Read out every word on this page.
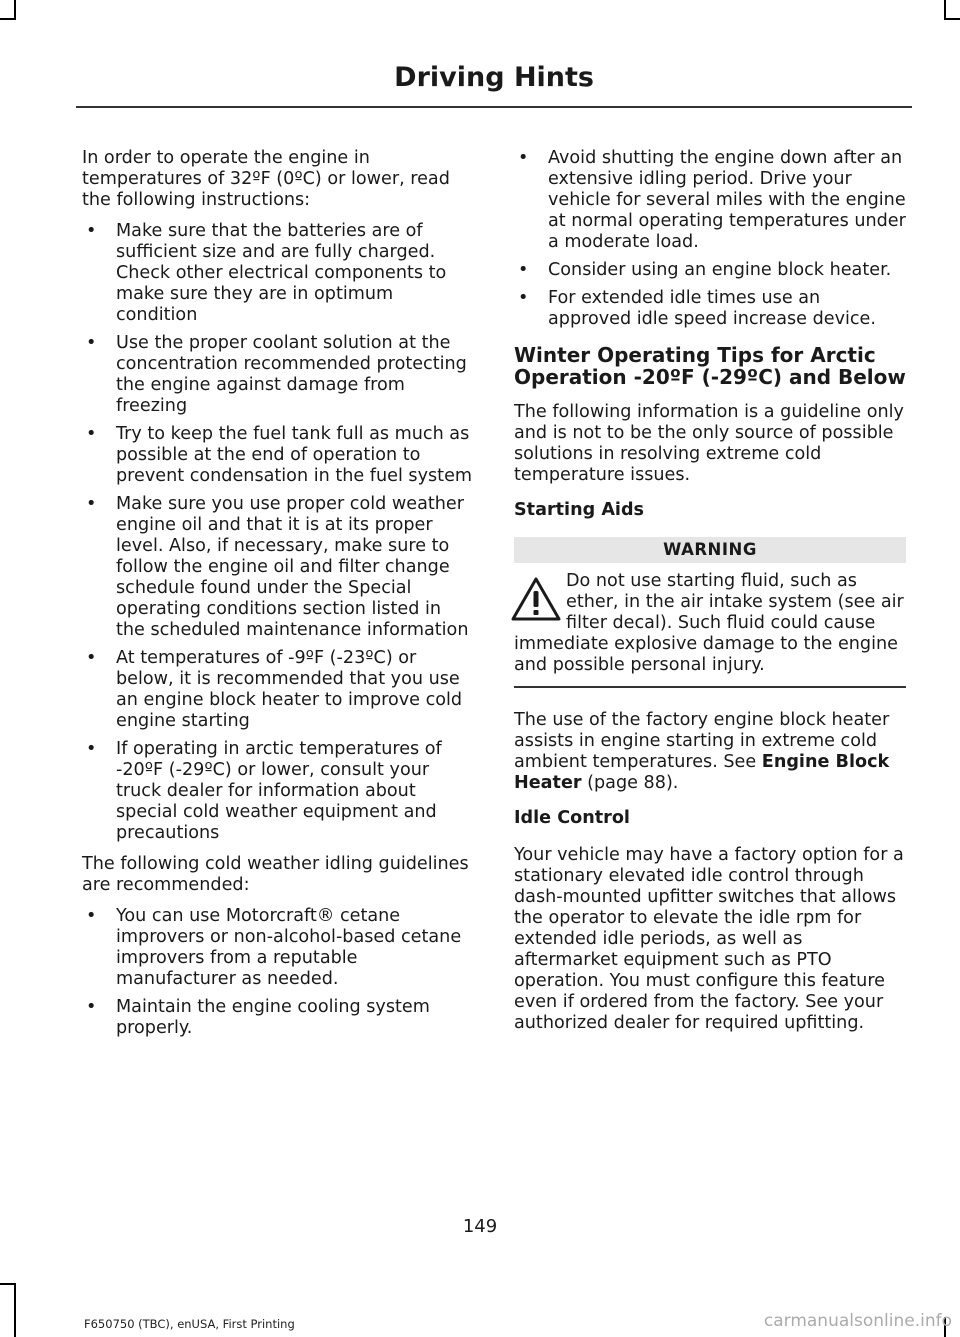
Driving Hints

In order to operate the engine in temperatures of 32ºF (0ºC) or lower, read the following instructions:

• Make sure that the batteries are of sufficient size and are fully charged. Check other electrical components to make sure they are in optimum condition
• Use the proper coolant solution at the concentration recommended protecting the engine against damage from freezing
• Try to keep the fuel tank full as much as possible at the end of operation to prevent condensation in the fuel system
• Make sure you use proper cold weather engine oil and that it is at its proper level. Also, if necessary, make sure to follow the engine oil and filter change schedule found under the Special operating conditions section listed in the scheduled maintenance information
• At temperatures of -9ºF (-23ºC) or below, it is recommended that you use an engine block heater to improve cold engine starting
• If operating in arctic temperatures of -20ºF (-29ºC) or lower, consult your truck dealer for information about special cold weather equipment and precautions

The following cold weather idling guidelines are recommended:

• You can use Motorcraft® cetane improvers or non-alcohol-based cetane improvers from a reputable manufacturer as needed.
• Maintain the engine cooling system properly.
• Avoid shutting the engine down after an extensive idling period. Drive your vehicle for several miles with the engine at normal operating temperatures under a moderate load.
• Consider using an engine block heater.
• For extended idle times use an approved idle speed increase device.
Winter Operating Tips for Arctic Operation -20ºF (-29ºC) and Below

The following information is a guideline only and is not to be the only source of possible solutions in resolving extreme cold temperature issues.

Starting Aids
WARNING
Do not use starting fluid, such as ether, in the air intake system (see air filter decal). Such fluid could cause immediate explosive damage to the engine and possible personal injury.

The use of the factory engine block heater assists in engine starting in extreme cold ambient temperatures. See Engine Block Heater (page 88).

Idle Control

Your vehicle may have a factory option for a stationary elevated idle control through dash-mounted upfitter switches that allows the operator to elevate the idle rpm for extended idle periods, as well as aftermarket equipment such as PTO operation. You must configure this feature even if ordered from the factory. See your authorized dealer for required upfitting.

149
F650750 (TBC), enUSA, First Printing	carmanualsonline.info
